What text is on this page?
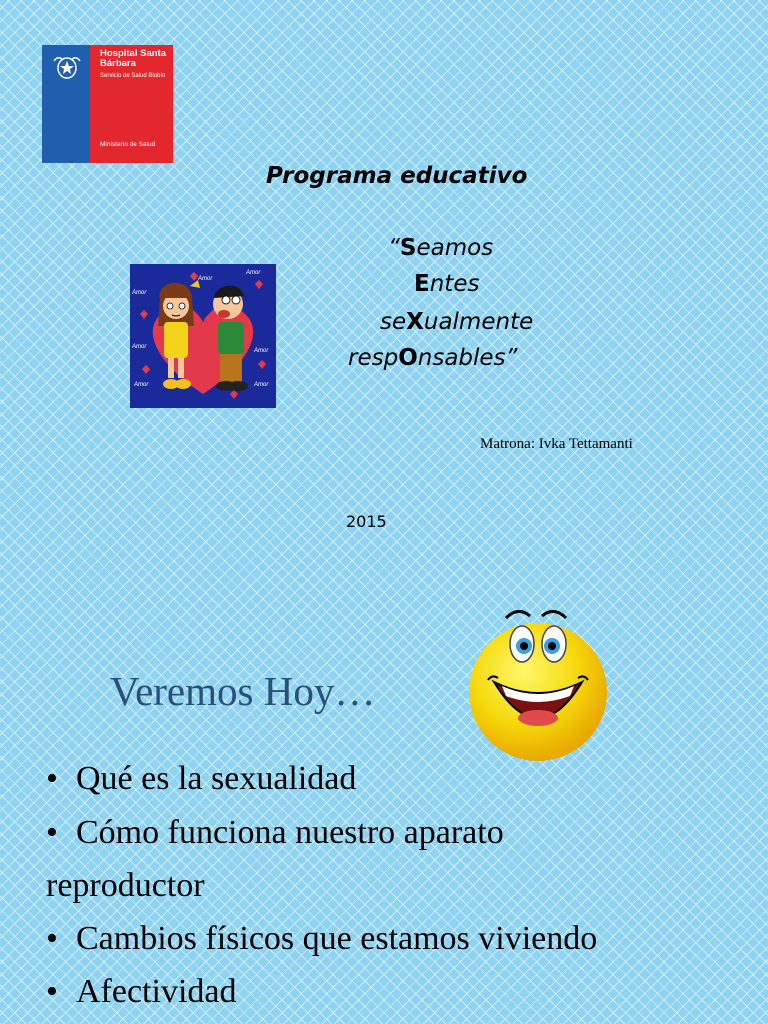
Hospital Santa Bárbara
Servicio de Salud Biobío
Ministerio de Salud
Programa educativo
“Seamos
Entes
seXualmente
respOnsables”
Amor
Amor
Amor
Amor
Amor
Amor	Amor
Matrona: Ivka Tettamanti
2015
Veremos Hoy…
• Qué es la sexualidad
• Cómo funciona nuestro aparato
reproductor
• Cambios físicos que estamos viviendo
• Afectividad
